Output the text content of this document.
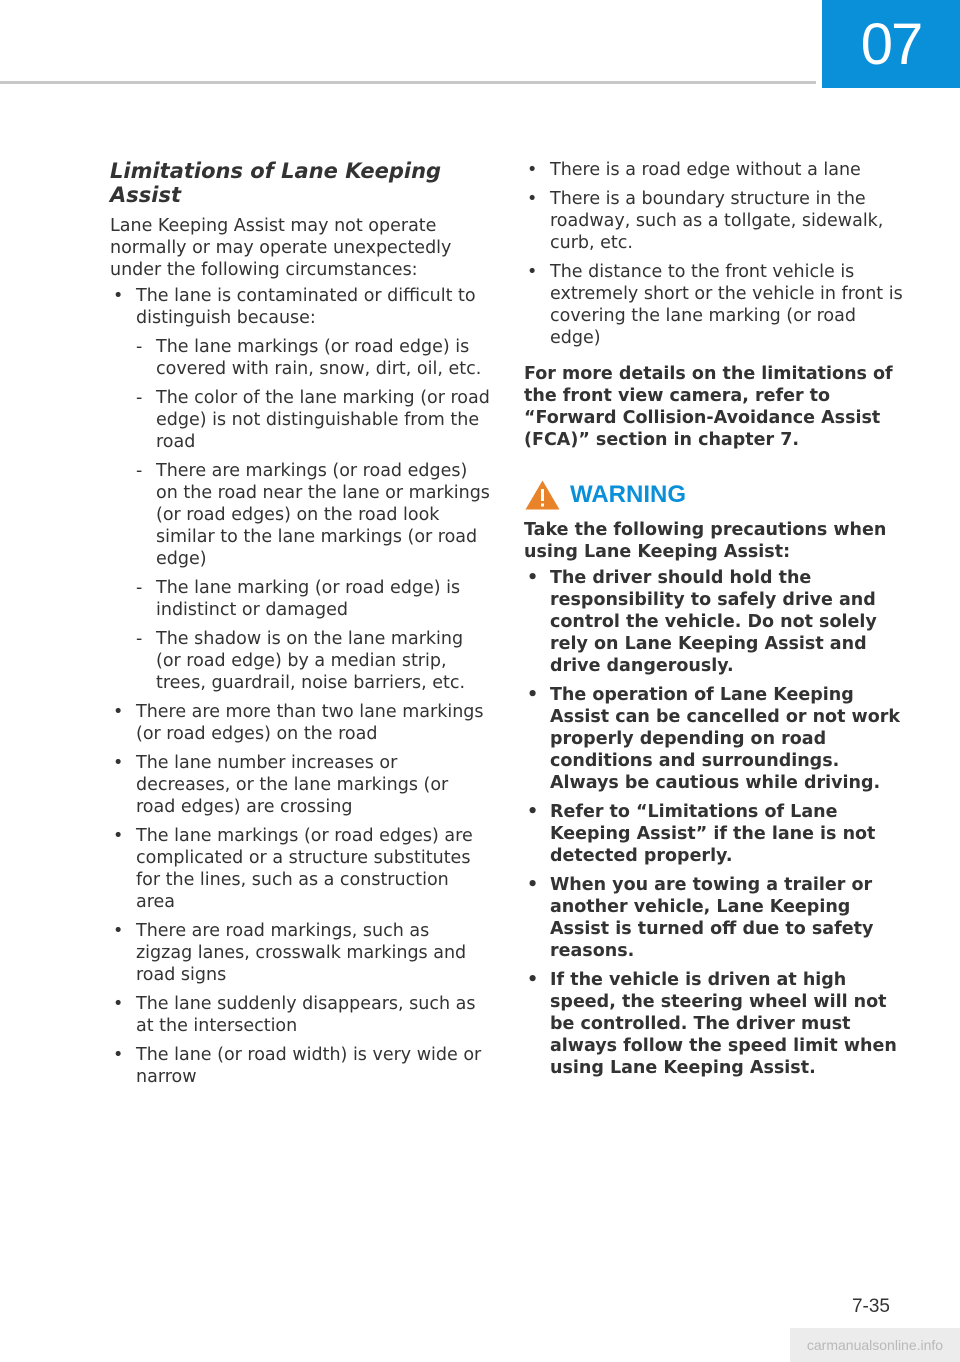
07
Limitations of Lane Keeping Assist

Lane Keeping Assist may not operate normally or may operate unexpectedly under the following circumstances:

• The lane is contaminated or difficult to distinguish because:
- The lane markings (or road edge) is covered with rain, snow, dirt, oil, etc.
- The color of the lane marking (or road edge) is not distinguishable from the road
- There are markings (or road edges) on the road near the lane or markings (or road edges) on the road look similar to the lane markings (or road edge)
- The lane marking (or road edge) is indistinct or damaged
- The shadow is on the lane marking (or road edge) by a median strip, trees, guardrail, noise barriers, etc.
• There are more than two lane markings (or road edges) on the road
• The lane number increases or decreases, or the lane markings (or road edges) are crossing
• The lane markings (or road edges) are complicated or a structure substitutes for the lines, such as a construction area
• There are road markings, such as zigzag lanes, crosswalk markings and road signs
• The lane suddenly disappears, such as at the intersection
• The lane (or road width) is very wide or narrow
• There is a road edge without a lane
• There is a boundary structure in the roadway, such as a tollgate, sidewalk, curb, etc.
• The distance to the front vehicle is extremely short or the vehicle in front is covering the lane marking (or road edge)

For more details on the limitations of the front view camera, refer to “Forward Collision-Avoidance Assist (FCA)” section in chapter 7.

WARNING

Take the following precautions when using Lane Keeping Assist:

• The driver should hold the responsibility to safely drive and control the vehicle. Do not solely rely on Lane Keeping Assist and drive dangerously.
• The operation of Lane Keeping Assist can be cancelled or not work properly depending on road conditions and surroundings. Always be cautious while driving.
• Refer to “Limitations of Lane Keeping Assist” if the lane is not detected properly.
• When you are towing a trailer or another vehicle, Lane Keeping Assist is turned off due to safety reasons.
• If the vehicle is driven at high speed, the steering wheel will not be controlled. The driver must always follow the speed limit when using Lane Keeping Assist.
7-35
carmanualsonline.info
